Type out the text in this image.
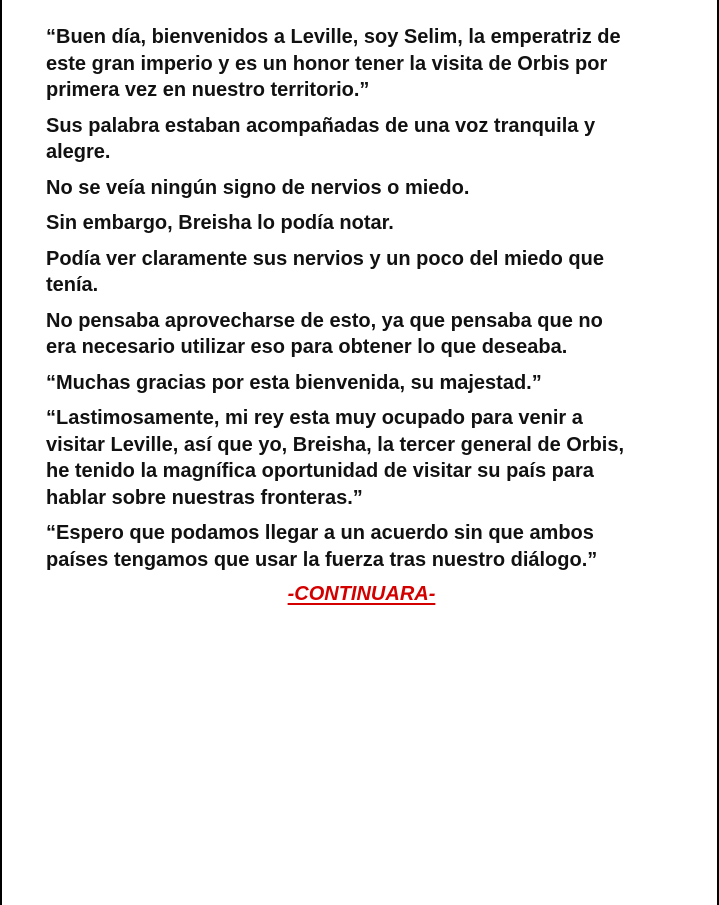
“Buen día, bienvenidos a Leville, soy Selim, la emperatriz de
este gran imperio y es un honor tener la visita de Orbis por
primera vez en nuestro territorio.”

Sus palabra estaban acompañadas de una voz tranquila y
alegre.

No se veía ningún signo de nervios o miedo.

Sin embargo, Breisha lo podía notar.

Podía ver claramente sus nervios y un poco del miedo que
tenía.

No pensaba aprovecharse de esto, ya que pensaba que no
era necesario utilizar eso para obtener lo que deseaba.

“Muchas gracias por esta bienvenida, su majestad.”

“Lastimosamente, mi rey esta muy ocupado para venir a
visitar Leville, así que yo, Breisha, la tercer general de Orbis,
he tenido la magnífica oportunidad de visitar su país para
hablar sobre nuestras fronteras.”

“Espero que podamos llegar a un acuerdo sin que ambos
países tengamos que usar la fuerza tras nuestro diálogo.”

-CONTINUARA-
